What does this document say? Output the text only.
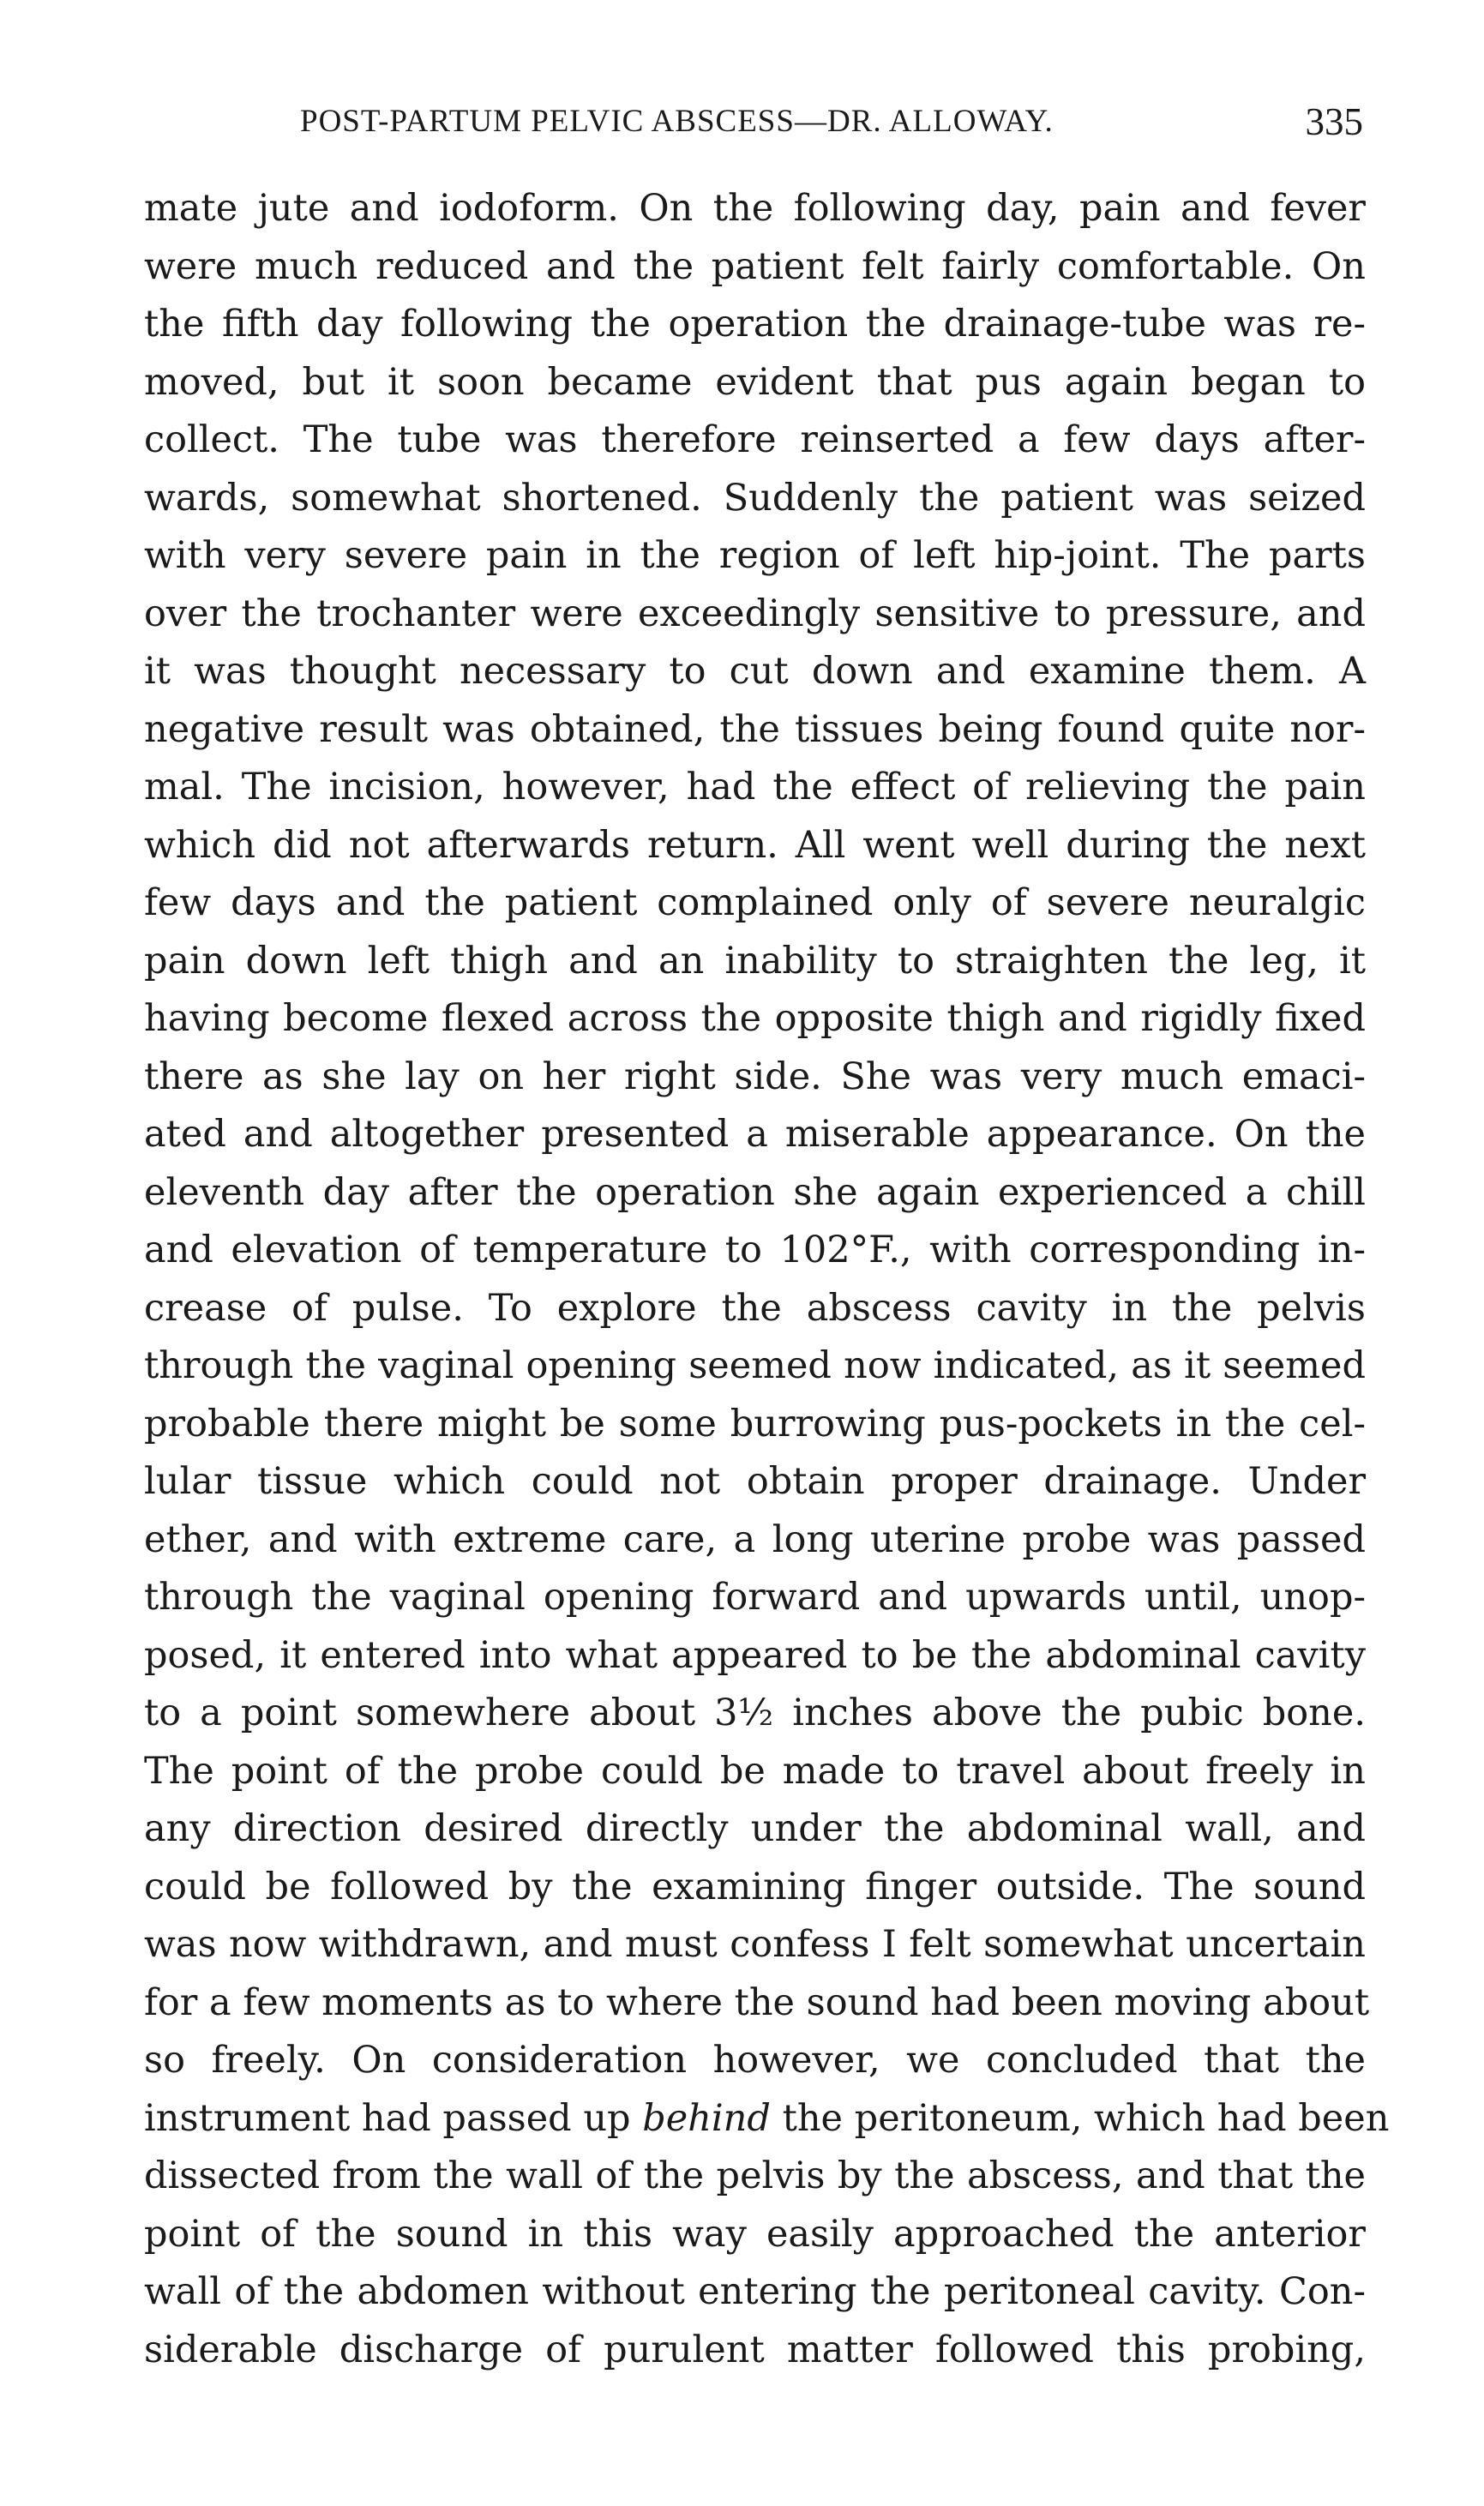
POST-PARTUM PELVIC ABSCESS—DR. ALLOWAY.	335
mate jute and iodoform. On the following day, pain and fever
were much reduced and the patient felt fairly comfortable. On
the fifth day following the operation the drainage-tube was re-
moved, but it soon became evident that pus again began to
collect. The tube was therefore reinserted a few days after-
wards, somewhat shortened. Suddenly the patient was seized
with very severe pain in the region of left hip-joint. The parts
over the trochanter were exceedingly sensitive to pressure, and
it was thought necessary to cut down and examine them. A
negative result was obtained, the tissues being found quite nor-
mal. The incision, however, had the effect of relieving the pain
which did not afterwards return. All went well during the next
few days and the patient complained only of severe neuralgic
pain down left thigh and an inability to straighten the leg, it
having become flexed across the opposite thigh and rigidly fixed
there as she lay on her right side. She was very much emaci-
ated and altogether presented a miserable appearance. On the
eleventh day after the operation she again experienced a chill
and elevation of temperature to 102°F., with corresponding in-
crease of pulse. To explore the abscess cavity in the pelvis
through the vaginal opening seemed now indicated, as it seemed
probable there might be some burrowing pus-pockets in the cel-
lular tissue which could not obtain proper drainage. Under
ether, and with extreme care, a long uterine probe was passed
through the vaginal opening forward and upwards until, unop-
posed, it entered into what appeared to be the abdominal cavity
to a point somewhere about 3½ inches above the pubic bone.
The point of the probe could be made to travel about freely in
any direction desired directly under the abdominal wall, and
could be followed by the examining finger outside. The sound
was now withdrawn, and must confess I felt somewhat uncertain
for a few moments as to where the sound had been moving about
so freely. On consideration however, we concluded that the
instrument had passed up behind the peritoneum, which had been
dissected from the wall of the pelvis by the abscess, and that the
point of the sound in this way easily approached the anterior
wall of the abdomen without entering the peritoneal cavity. Con-
siderable discharge of purulent matter followed this probing,
